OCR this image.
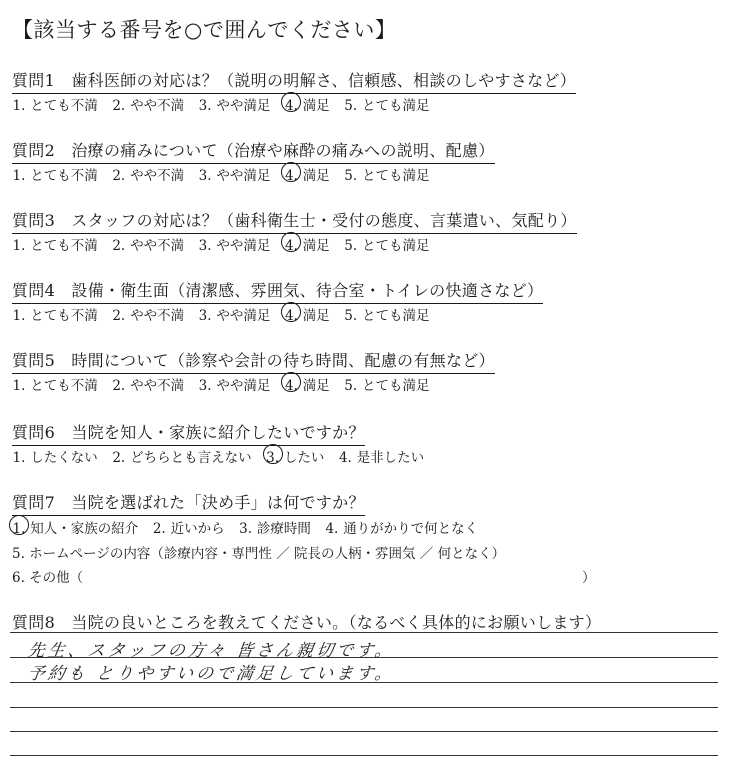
【該当する番号を○で囲んでください】
質問1　歯科医師の対応は？（説明の明解さ、信頼感、相談のしやすさなど）
1. とても不満 2. やや不満 3. やや満足 4. 満足 5. とても満足
質問2　治療の痛みについて（治療や麻酔の痛みへの説明、配慮）
1. とても不満 2. やや不満 3. やや満足 4. 満足 5. とても満足
質問3　スタッフの対応は？（歯科衛生士・受付の態度、言葉遣い、気配り）
1. とても不満 2. やや不満 3. やや満足 4. 満足 5. とても満足
質問4　設備・衛生面（清潔感、雰囲気、待合室・トイレの快適さなど）
1. とても不満 2. やや不満 3. やや満足 4. 満足 5. とても満足
質問5　時間について（診察や会計の待ち時間、配慮の有無など）
1. とても不満 2. やや不満 3. やや満足 4. 満足 5. とても満足
質問6　当院を知人・家族に紹介したいですか？
1. したくない 2. どちらとも言えない 3. したい 4. 是非したい
質問7　当院を選ばれた「決め手」は何ですか？
1. 知人・家族の紹介 2. 近いから 3. 診療時間 4. 通りがかりで何となく
5. ホームページの内容（診療内容・専門性 ／ 院長の人柄・雰囲気 ／ 何となく）
6. その他（	）
質問8　当院の良いところを教えてください。（なるべく具体的にお願いします）
先生、スタッフの方々 皆さん親切です。
予約も とりやすいので満足しています。
